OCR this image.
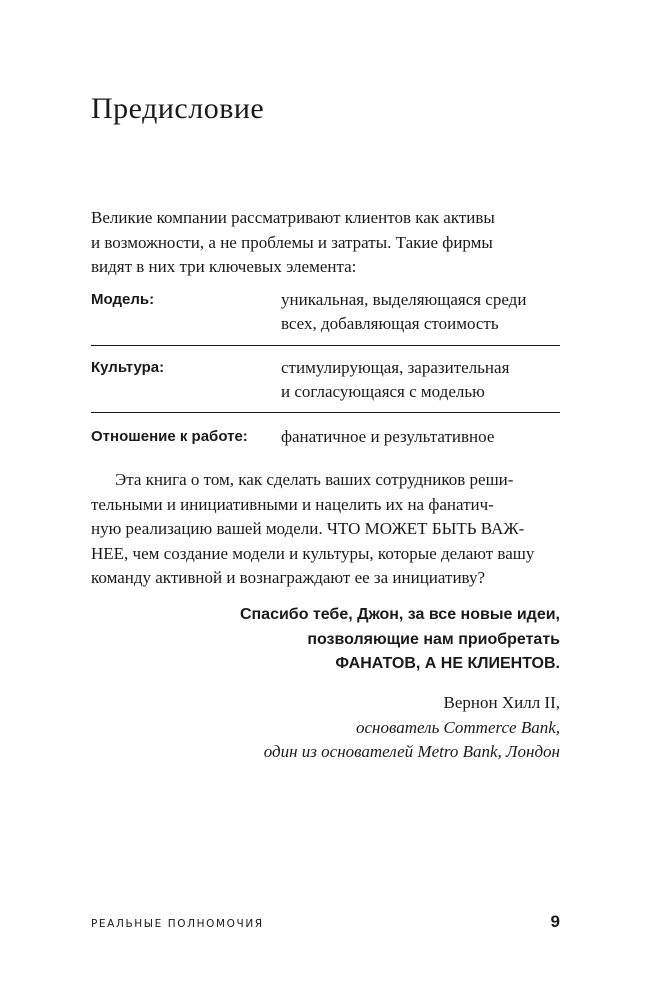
Предисловие

Великие компании рассматривают клиентов как активы
и возможности, а не проблемы и затраты. Такие фирмы
видят в них три ключевых элемента:

Модель:	уникальная, выделяющаяся среди
всех, добавляющая стоимость
Культура:	стимулирующая, заразительная
и согласующаяся с моделью
Отношение к работе: фанатичное и результативное

Эта книга о том, как сделать ваших сотрудников реши-
тельными и инициативными и нацелить их на фанатич-
ную реализацию вашей модели. ЧТО МОЖЕТ БЫТЬ ВАЖ-
НЕЕ, чем создание модели и культуры, которые делают вашу
команду активной и вознаграждают ее за инициативу?

Спасибо тебе, Джон, за все новые идеи,
позволяющие нам приобретать
ФАНАТОВ, А НЕ КЛИЕНТОВ.

Вернон Хилл II,
основатель Commerce Bank,
один из основателей Metro Bank, Лондон

РЕАЛЬНЫЕ ПОЛНОМОЧИЯ	9
